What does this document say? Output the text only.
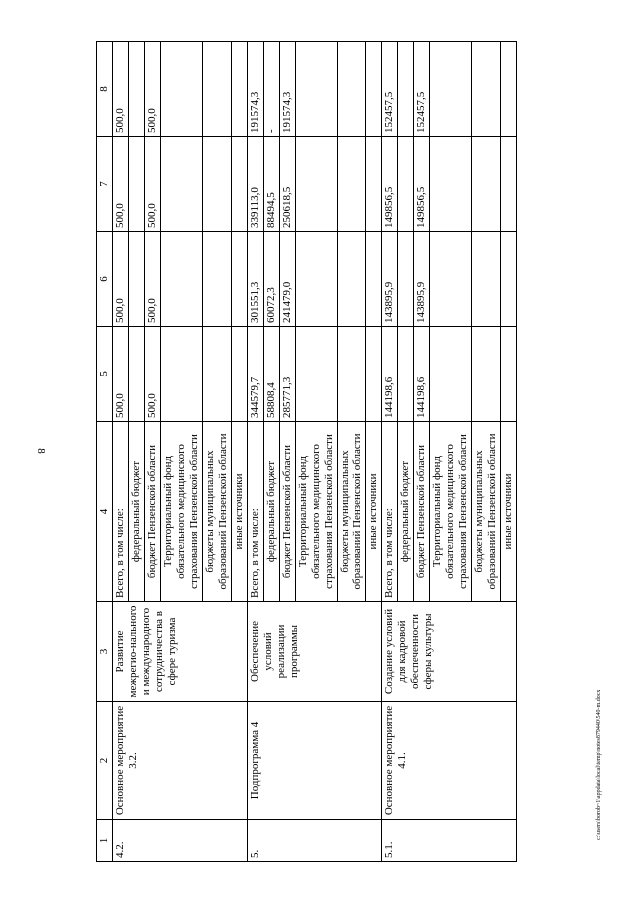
8
1	2	3	4	5	6	7	8
4.2.	Основное мероприятие 3.2.	Развитие межрегио-нального и международного сотрудничества в сфере туризма	Всего, в том числе:	500,0	500,0	500,0	500,0
			федеральный бюджет				
			бюджет Пензенской области	500,0	500,0	500,0	500,0
			Территориальный фонд обязательного медицинского страхования Пензенской области				
			бюджеты муниципальных образований Пензенской области				
			иные источники				
5.	Подпрограмма 4	Обеспечение условий реализации программы	Всего, в том числе:	344579,7	301551,3	339113,0	191574,3
			федеральный бюджет	58808,4	60072,3	88494,5	-
			бюджет Пензенской области	285771,3	241479,0	250618,5	191574,3
			Территориальный фонд обязательного медицинского страхования Пензенской области				
			бюджеты муниципальных образований Пензенской области				
			иные источники				
5.1.	Основное мероприятие 4.1.	Создание условий для кадровой обеспеченности сферы культуры	Всего, в том числе:	144198,6	143895,9	149856,5	152457,5
			федеральный бюджет				
			бюджет Пензенской области	144198,6	143895,9	149856,5	152457,5
			Территориальный фонд обязательного медицинского страхования Пензенской области				
			бюджеты муниципальных образований Пензенской области				
			иные источники				
c:\users\borob~1\appdata\local\temp\notes879440\540-m.docx
